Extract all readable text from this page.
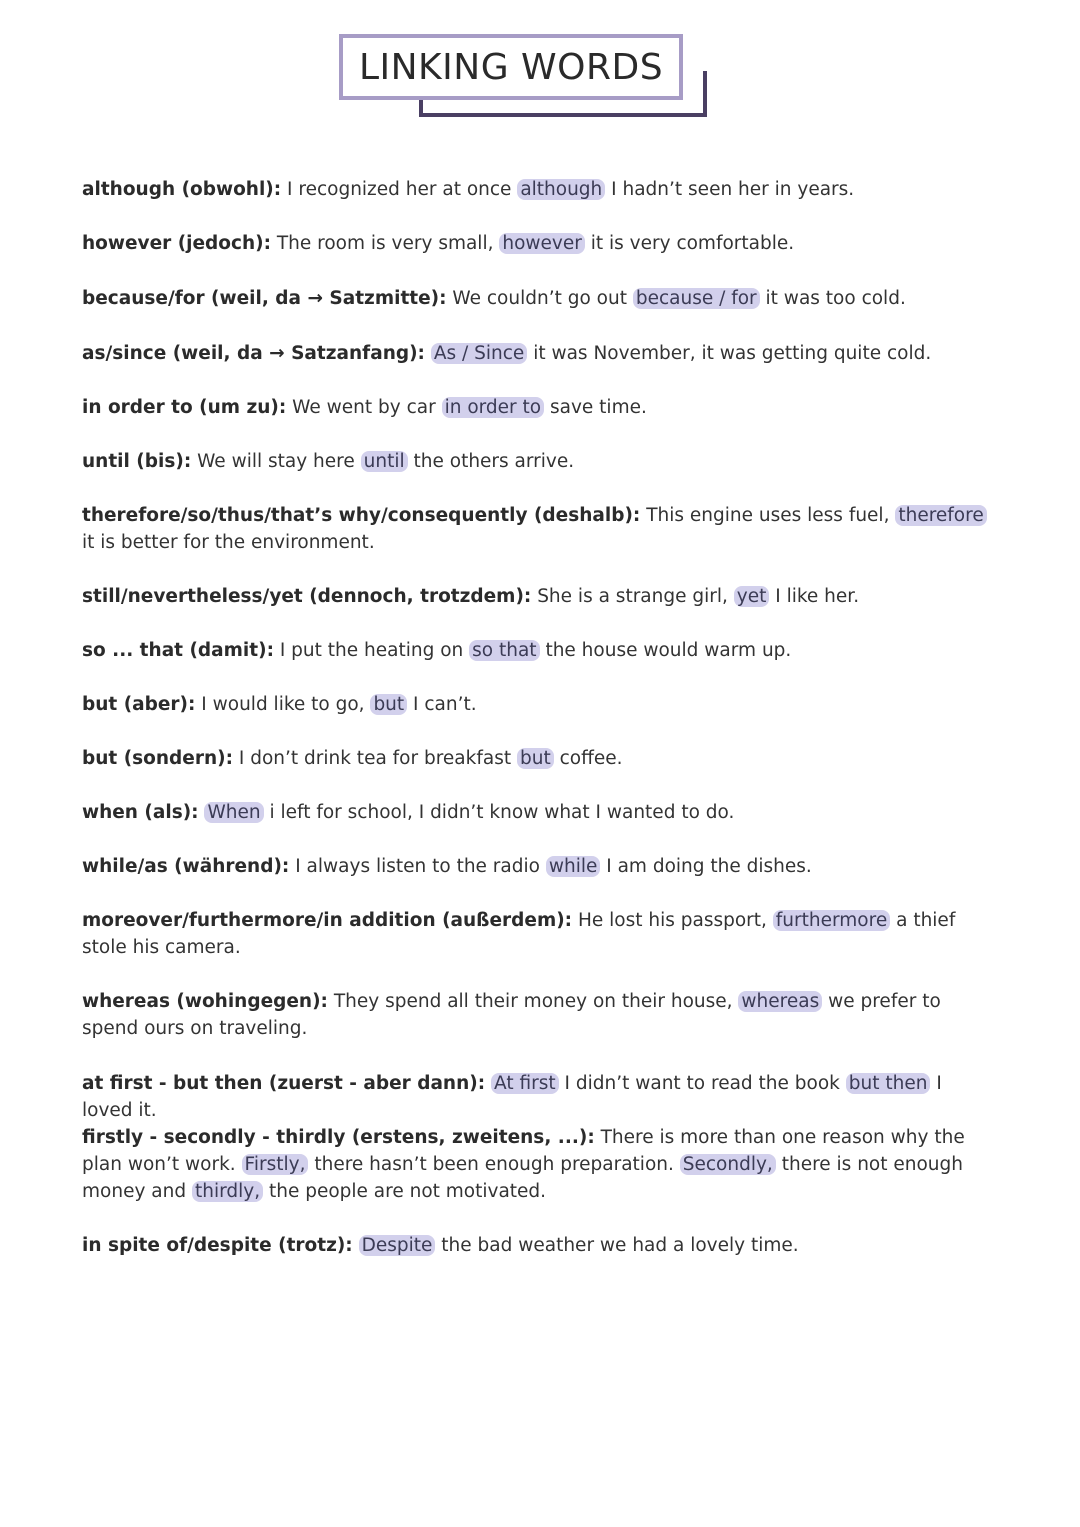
LINKING WORDS
although (obwohl): I recognized her at once although I hadn’t seen her in years.
however (jedoch): The room is very small, however it is very comfortable.
because/for (weil, da → Satzmitte): We couldn’t go out because / for it was too cold.
as/since (weil, da → Satzanfang): As / Since it was November, it was getting quite cold.
in order to (um zu): We went by car in order to save time.
until (bis): We will stay here until the others arrive.
therefore/so/thus/that’s why/consequently (deshalb): This engine uses less fuel, therefore it is better for the environment.
still/nevertheless/yet (dennoch, trotzdem): She is a strange girl, yet I like her.
so ... that (damit): I put the heating on so that the house would warm up.
but (aber): I would like to go, but I can’t.
but (sondern): I don’t drink tea for breakfast but coffee.
when (als): When i left for school, I didn’t know what I wanted to do.
while/as (während): I always listen to the radio while I am doing the dishes.
moreover/furthermore/in addition (außerdem): He lost his passport, furthermore a thief stole his camera.
whereas (wohingegen): They spend all their money on their house, whereas we prefer to spend ours on traveling.
at first - but then (zuerst - aber dann): At first I didn’t want to read the book but then I loved it.
firstly - secondly - thirdly (erstens, zweitens, ...): There is more than one reason why the plan won’t work. Firstly, there hasn’t been enough preparation. Secondly, there is not enough money and thirdly, the people are not motivated.
in spite of/despite (trotz): Despite the bad weather we had a lovely time.
